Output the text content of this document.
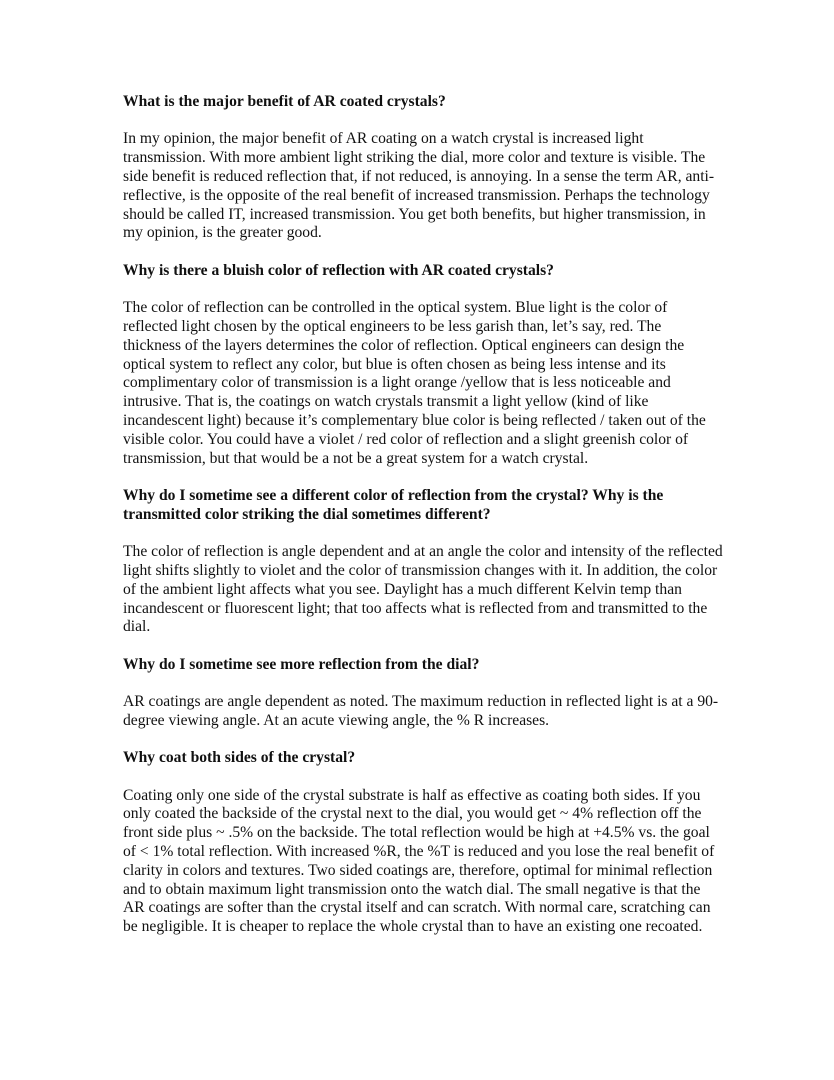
What is the major benefit of AR coated crystals?

In my opinion, the major benefit of AR coating on a watch crystal is increased light transmission. With more ambient light striking the dial, more color and texture is visible. The side benefit is reduced reflection that, if not reduced, is annoying. In a sense the term AR, anti-reflective, is the opposite of the real benefit of increased transmission. Perhaps the technology should be called IT, increased transmission. You get both benefits, but higher transmission, in my opinion, is the greater good.

Why is there a bluish color of reflection with AR coated crystals?

The color of reflection can be controlled in the optical system. Blue light is the color of reflected light chosen by the optical engineers to be less garish than, let’s say, red. The thickness of the layers determines the color of reflection. Optical engineers can design the optical system to reflect any color, but blue is often chosen as being less intense and its complimentary color of transmission is a light orange /yellow that is less noticeable and intrusive. That is, the coatings on watch crystals transmit a light yellow (kind of like incandescent light) because it’s complementary blue color is being reflected / taken out of the visible color. You could have a violet / red color of reflection and a slight greenish color of transmission, but that would be a not be a great system for a watch crystal.

Why do I sometime see a different color of reflection from the crystal? Why is the transmitted color striking the dial sometimes different?

The color of reflection is angle dependent and at an angle the color and intensity of the reflected light shifts slightly to violet and the color of transmission changes with it. In addition, the color of the ambient light affects what you see. Daylight has a much different Kelvin temp than incandescent or fluorescent light; that too affects what is reflected from and transmitted to the dial.

Why do I sometime see more reflection from the dial?

AR coatings are angle dependent as noted. The maximum reduction in reflected light is at a 90-degree viewing angle. At an acute viewing angle, the % R increases.

Why coat both sides of the crystal?

Coating only one side of the crystal substrate is half as effective as coating both sides. If you only coated the backside of the crystal next to the dial, you would get ~ 4% reflection off the front side plus ~ .5% on the backside. The total reflection would be high at +4.5% vs. the goal of < 1% total reflection. With increased %R, the %T is reduced and you lose the real benefit of clarity in colors and textures. Two sided coatings are, therefore, optimal for minimal reflection and to obtain maximum light transmission onto the watch dial. The small negative is that the AR coatings are softer than the crystal itself and can scratch. With normal care, scratching can be negligible. It is cheaper to replace the whole crystal than to have an existing one recoated.
